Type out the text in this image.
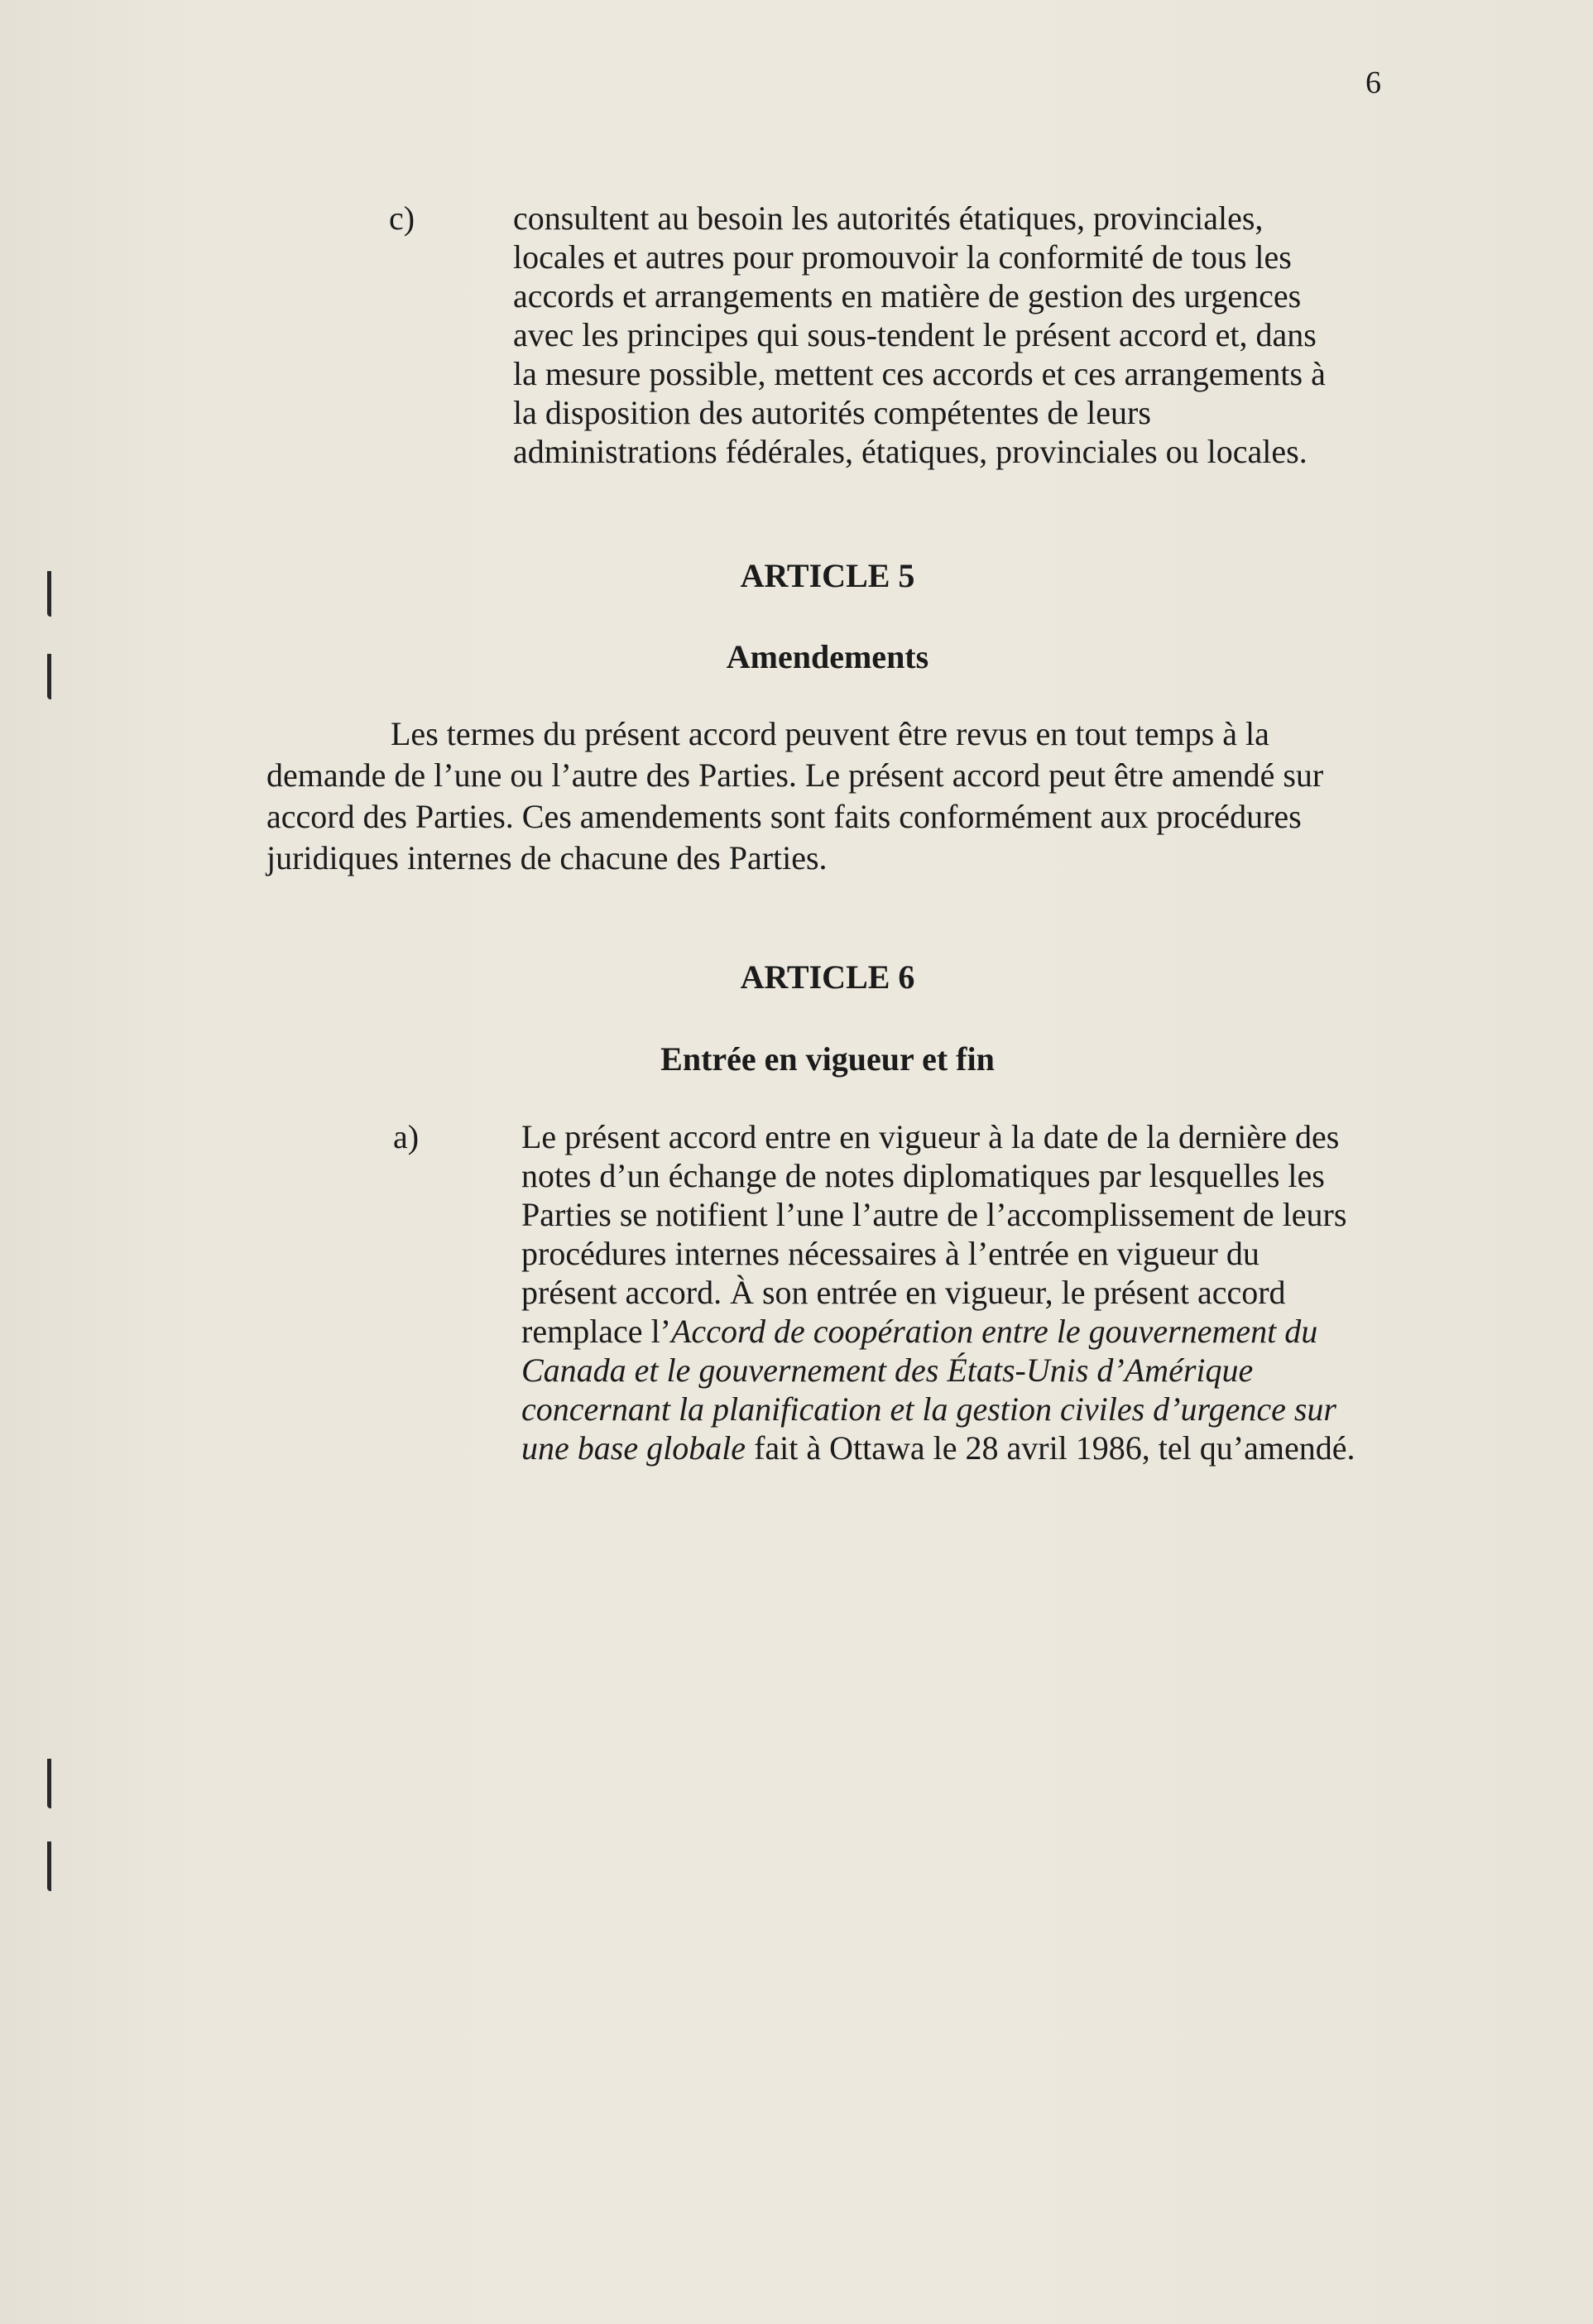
6
c)	consultent au besoin les autorités étatiques, provinciales,
locales et autres pour promouvoir la conformité de tous les
accords et arrangements en matière de gestion des urgences
avec les principes qui sous-tendent le présent accord et, dans
la mesure possible, mettent ces accords et ces arrangements à
la disposition des autorités compétentes de leurs
administrations fédérales, étatiques, provinciales ou locales.
ARTICLE 5
Amendements
Les termes du présent accord peuvent être revus en tout temps à la
demande de l’une ou l’autre des Parties. Le présent accord peut être amendé sur
accord des Parties. Ces amendements sont faits conformément aux procédures
juridiques internes de chacune des Parties.
ARTICLE 6
Entrée en vigueur et fin
a)	Le présent accord entre en vigueur à la date de la dernière des
notes d’un échange de notes diplomatiques par lesquelles les
Parties se notifient l’une l’autre de l’accomplissement de leurs
procédures internes nécessaires à l’entrée en vigueur du
présent accord. À son entrée en vigueur, le présent accord
remplace l’Accord de coopération entre le gouvernement du
Canada et le gouvernement des États-Unis d’Amérique
concernant la planification et la gestion civiles d’urgence sur
une base globale fait à Ottawa le 28 avril 1986, tel qu’amendé.
